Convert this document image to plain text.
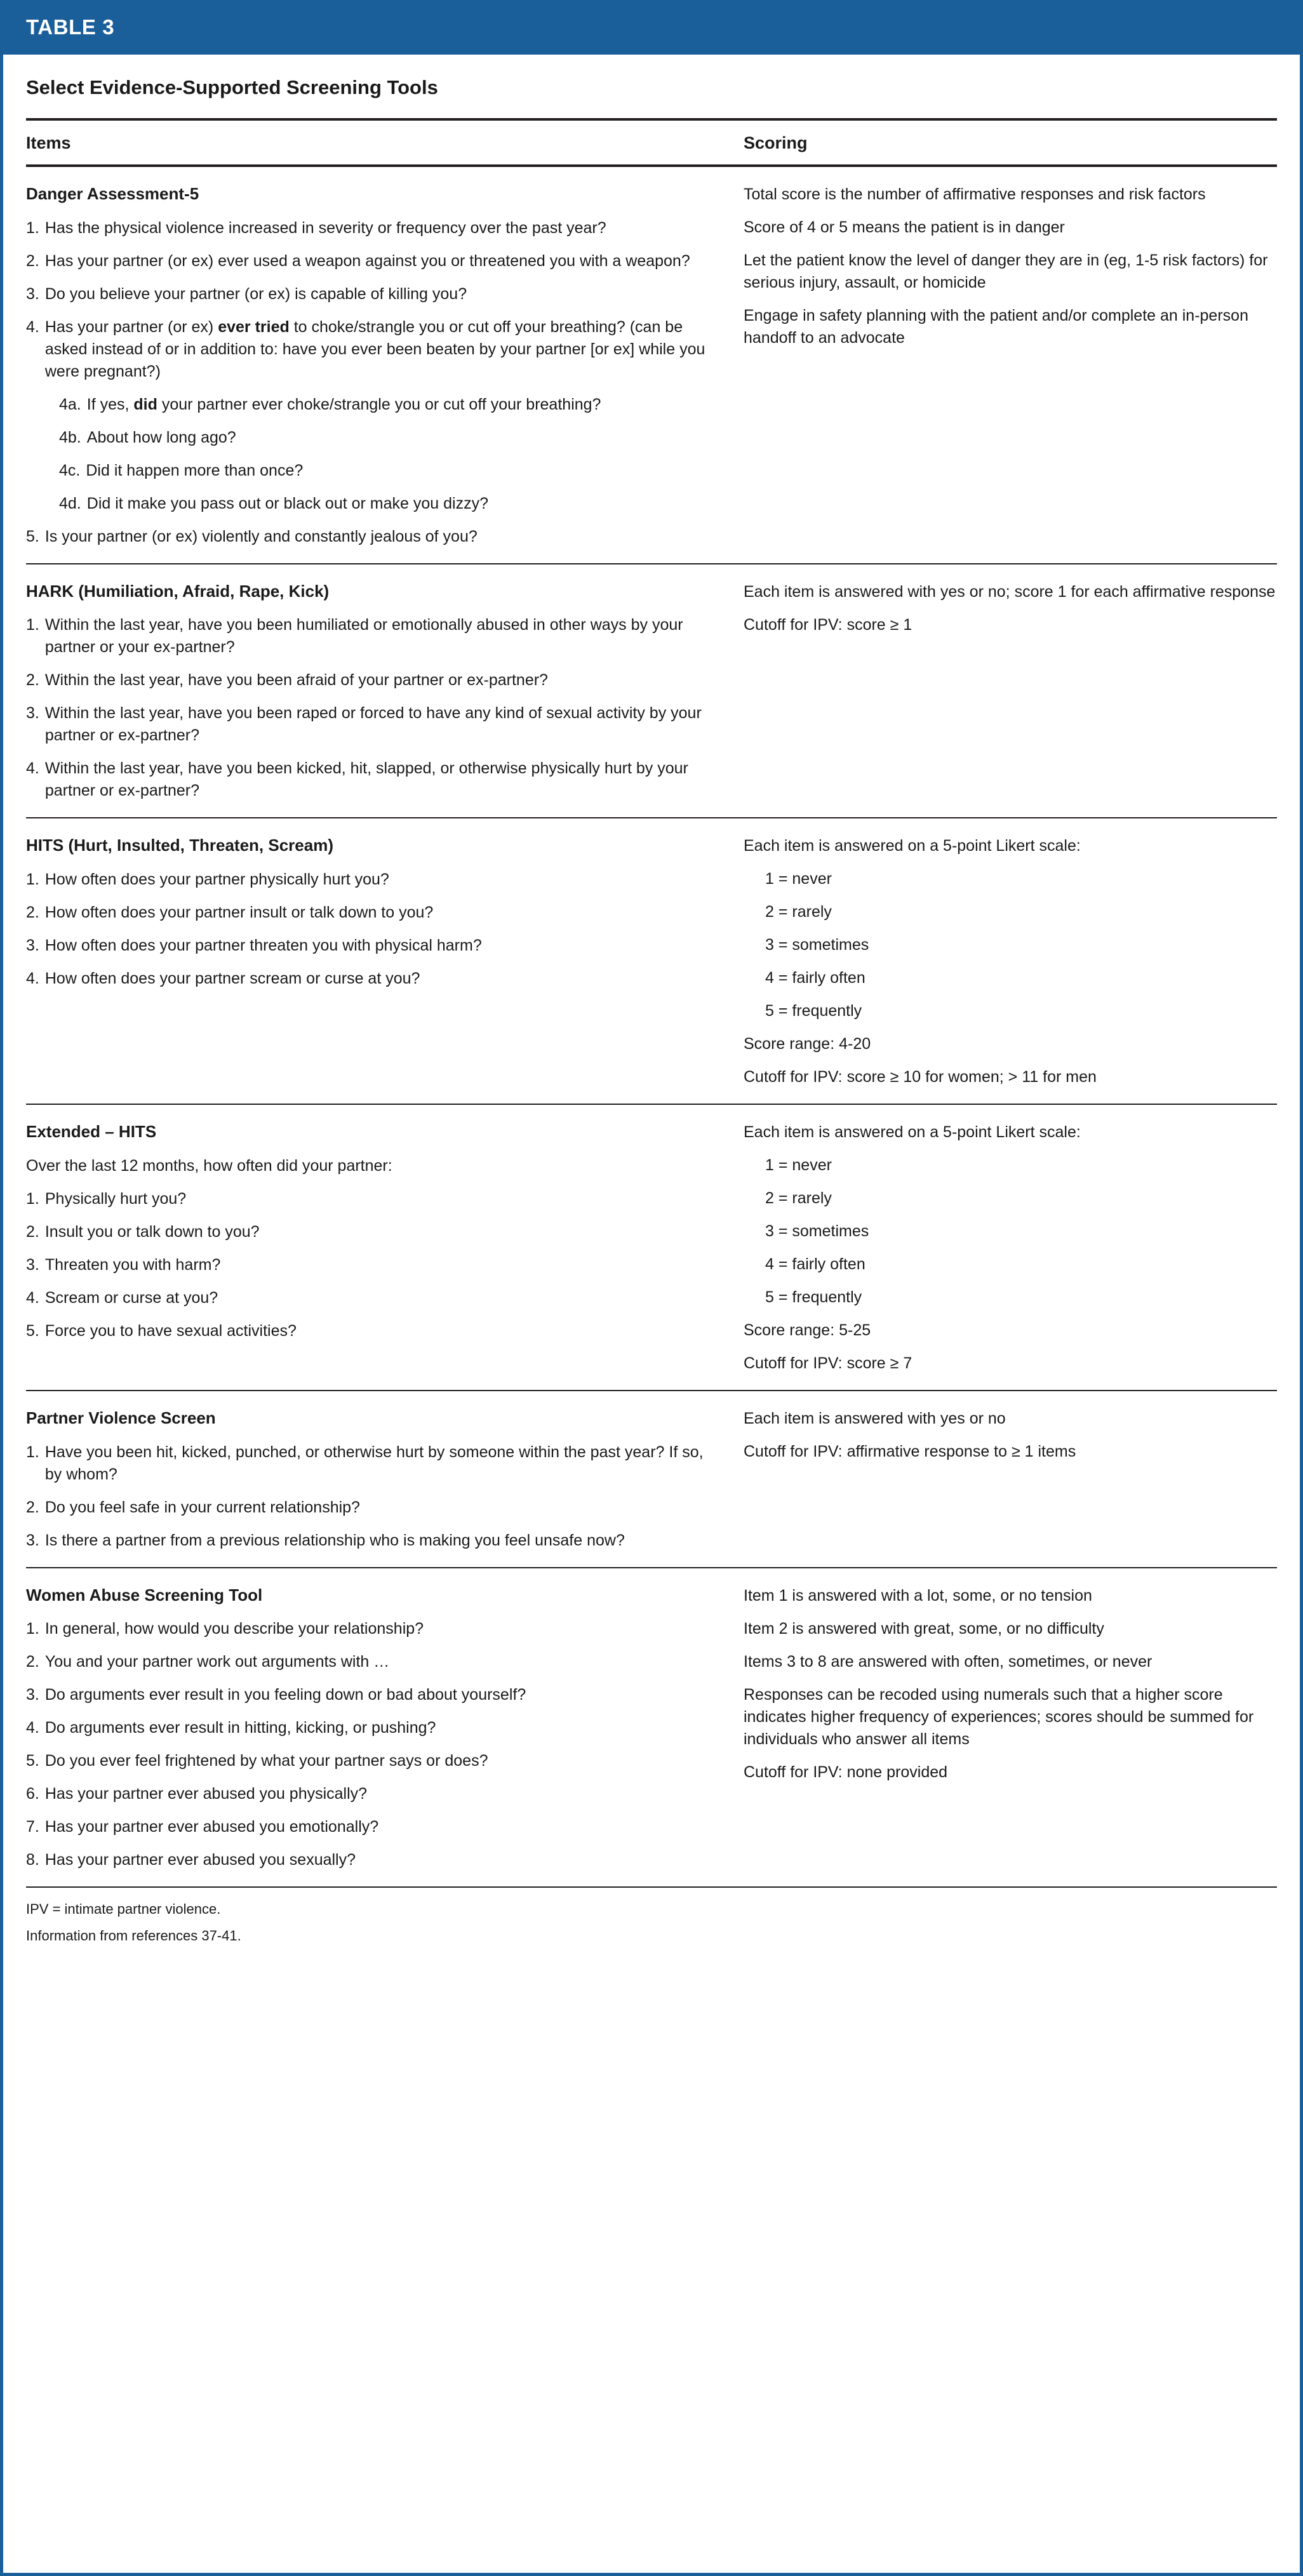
TABLE 3
Select Evidence-Supported Screening Tools
Items	Scoring
Danger Assessment-5
1. Has the physical violence increased in severity or frequency over the past year?
2. Has your partner (or ex) ever used a weapon against you or threatened you with a weapon?
3. Do you believe your partner (or ex) is capable of killing you?
4. Has your partner (or ex) ever tried to choke/strangle you or cut off your breathing? (can be asked instead of or in addition to: have you ever been beaten by your partner [or ex] while you were pregnant?)
4a. If yes, did your partner ever choke/strangle you or cut off your breathing?
4b. About how long ago?
4c. Did it happen more than once?
4d. Did it make you pass out or black out or make you dizzy?
5. Is your partner (or ex) violently and constantly jealous of you?
Total score is the number of affirmative responses and risk factors
Score of 4 or 5 means the patient is in danger
Let the patient know the level of danger they are in (eg, 1-5 risk factors) for serious injury, assault, or homicide
Engage in safety planning with the patient and/or complete an in-person handoff to an advocate
HARK (Humiliation, Afraid, Rape, Kick)
1. Within the last year, have you been humiliated or emotionally abused in other ways by your partner or your ex-partner?
2. Within the last year, have you been afraid of your partner or ex-partner?
3. Within the last year, have you been raped or forced to have any kind of sexual activity by your partner or ex-partner?
4. Within the last year, have you been kicked, hit, slapped, or otherwise physically hurt by your partner or ex-partner?
Each item is answered with yes or no; score 1 for each affirmative response
Cutoff for IPV: score ≥ 1
HITS (Hurt, Insulted, Threaten, Scream)
1. How often does your partner physically hurt you?
2. How often does your partner insult or talk down to you?
3. How often does your partner threaten you with physical harm?
4. How often does your partner scream or curse at you?
Each item is answered on a 5-point Likert scale:
1 = never
2 = rarely
3 = sometimes
4 = fairly often
5 = frequently
Score range: 4-20
Cutoff for IPV: score ≥ 10 for women; > 11 for men
Extended – HITS
Over the last 12 months, how often did your partner:
1. Physically hurt you?
2. Insult you or talk down to you?
3. Threaten you with harm?
4. Scream or curse at you?
5. Force you to have sexual activities?
Each item is answered on a 5-point Likert scale:
1 = never
2 = rarely
3 = sometimes
4 = fairly often
5 = frequently
Score range: 5-25
Cutoff for IPV: score ≥ 7
Partner Violence Screen
1. Have you been hit, kicked, punched, or otherwise hurt by someone within the past year? If so, by whom?
2. Do you feel safe in your current relationship?
3. Is there a partner from a previous relationship who is making you feel unsafe now?
Each item is answered with yes or no
Cutoff for IPV: affirmative response to ≥ 1 items
Women Abuse Screening Tool
1. In general, how would you describe your relationship?
2. You and your partner work out arguments with …
3. Do arguments ever result in you feeling down or bad about yourself?
4. Do arguments ever result in hitting, kicking, or pushing?
5. Do you ever feel frightened by what your partner says or does?
6. Has your partner ever abused you physically?
7. Has your partner ever abused you emotionally?
8. Has your partner ever abused you sexually?
Item 1 is answered with a lot, some, or no tension
Item 2 is answered with great, some, or no difficulty
Items 3 to 8 are answered with often, sometimes, or never
Responses can be recoded using numerals such that a higher score indicates higher frequency of experiences; scores should be summed for individuals who answer all items
Cutoff for IPV: none provided
IPV = intimate partner violence.
Information from references 37-41.
